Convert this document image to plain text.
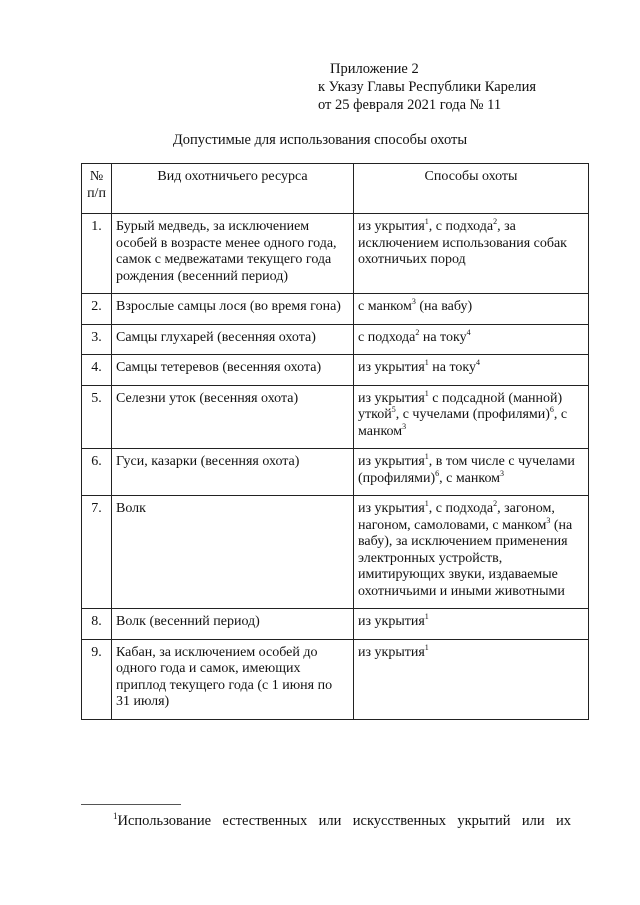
Приложение 2
к Указу Главы Республики Карелия
от 25 февраля 2021 года № 11
Допустимые для использования способы охоты
№
п/п	Вид охотничьего ресурса	Способы охоты
1.	Бурый медведь, за исключением особей в возрасте менее одного года, самок с медвежатами текущего года рождения (весенний период)	из укрытия$^1$, с подхода$^2$, за исключением использования собак охотничьих пород
2.	Взрослые самцы лося (во время гона)	с манком$^3$ (на вабу)
3.	Самцы глухарей (весенняя охота)	с подхода$^2$ на току$^4$
4.	Самцы тетеревов (весенняя охота)	из укрытия$^1$ на току$^4$
5.	Селезни уток (весенняя охота)	из укрытия$^1$ с подсадной (манной) уткой$^5$, с чучелами (профилями)$^6$, с манком$^3$
6.	Гуси, казарки (весенняя охота)	из укрытия$^1$, в том числе с чучелами (профилями)$^6$, с манком$^3$
7.	Волк	из укрытия$^1$, с подхода$^2$, загоном, нагоном, самоловами, с манком$^3$ (на вабу), за исключением применения электронных устройств, имитирующих звуки, издаваемые охотничьими и иными животными
8.	Волк (весенний период)	из укрытия$^1$
9.	Кабан, за исключением особей до одного года и самок, имеющих приплод текущего года (с 1 июня по 31 июля)	из укрытия$^1$
$^1$Использование естественных или искусственных укрытий или их
